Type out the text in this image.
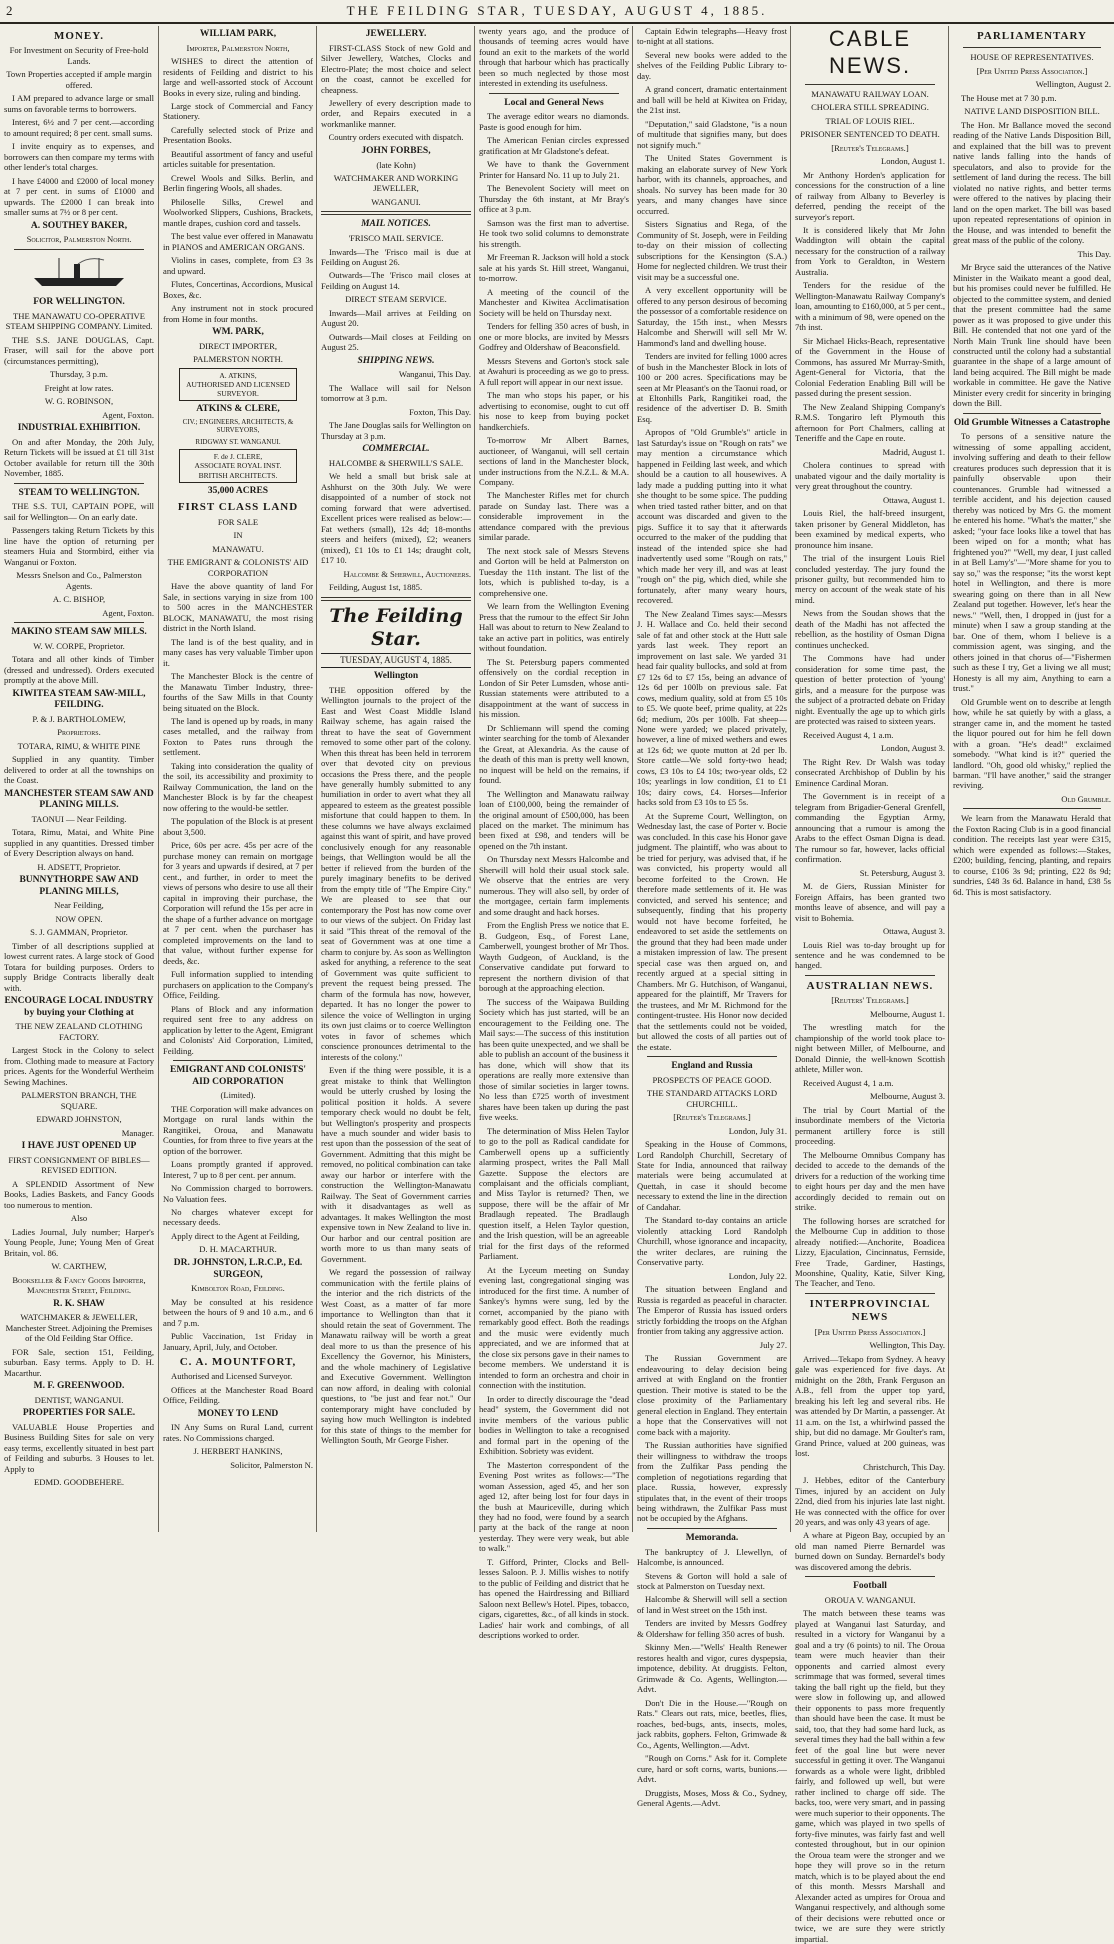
2	THE FEILDING STAR, TUESDAY, AUGUST 4, 1885.
MONEY.

For Investment on Security of Free-hold Lands.

Town Properties accepted if ample margin offered.

I AM prepared to advance large or small sums on favorable terms to borrowers.

Interest, 6½ and 7 per cent.—according to amount required; 8 per cent. small sums.

I invite enquiry as to expenses, and borrowers can then compare my terms with other lender's total charges.

I have £4000 and £2000 of local money at 7 per cent. in sums of £1000 and upwards. The £2000 I can break into smaller sums at 7½ or 8 per cent.

A. SOUTHEY BAKER,

Solicitor, Palmerston North.

FOR WELLINGTON.

THE MANAWATU CO-OPERATIVE STEAM SHIPPING COMPANY. Limited.

THE S.S. JANE DOUGLAS, Capt. Fraser, will sail for the above port (circumstances permitting),

Thursday, 3 p.m.

Freight at low rates.

W. G. ROBINSON,

Agent, Foxton.

INDUSTRIAL EXHIBITION.

On and after Monday, the 20th July, Return Tickets will be issued at £1 till 31st October available for return till the 30th November, 1885.

STEAM TO WELLINGTON.

THE S.S. TUI, CAPTAIN POPE, will sail for Wellington— On an early date.

Passengers taking Return Tickets by this line have the option of returning per steamers Huia and Stormbird, either via Wanganui or Foxton.

Messrs Snelson and Co., Palmerston Agents.

A. C. BISHOP,

Agent, Foxton.

MAKINO STEAM SAW MILLS.

W. W. CORPE, Proprietor.

Totara and all other kinds of Timber (dressed and undressed). Orders executed promptly at the above Mill.

KIWITEA STEAM SAW-MILL, FEILDING.

P. & J. BARTHOLOMEW,

Proprietors.

TOTARA, RIMU, & WHITE PINE

Supplied in any quantity. Timber delivered to order at all the townships on the Coast.

MANCHESTER STEAM SAW AND PLANING MILLS.

TAONUI — Near Feilding.

Totara, Rimu, Matai, and White Pine supplied in any quantities. Dressed timber of Every Description always on hand.

H. ADSETT, Proprietor.

BUNNYTHORPE SAW AND PLANING MILLS,

Near Feilding,

NOW OPEN.

S. J. GAMMAN, Proprietor.

Timber of all descriptions supplied at lowest current rates. A large stock of Good Totara for building purposes. Orders to supply Bridge Contracts liberally dealt with.

ENCOURAGE LOCAL INDUSTRY by buying your Clothing at

THE NEW ZEALAND CLOTHING FACTORY.

Largest Stock in the Colony to select from. Clothing made to measure at Factory prices. Agents for the Wonderful Wertheim Sewing Machines.

PALMERSTON BRANCH, THE SQUARE.

EDWARD JOHNSTON,

Manager.

I HAVE JUST OPENED UP

FIRST CONSIGNMENT OF BIBLES—REVISED EDITION.

A SPLENDID Assortment of New Books, Ladies Baskets, and Fancy Goods too numerous to mention.

Also

Ladies Journal, July number; Harper's Young People, June; Young Men of Great Britain, vol. 86.

W. CARTHEW,

Bookseller & Fancy Goods Importer, Manchester Street, Feilding.

R. K. SHAW

WATCHMAKER & JEWELLER, Manchester Street. Adjoining the Premises of the Old Feilding Star Office.

FOR Sale, section 151, Feilding, suburban. Easy terms. Apply to D. H. Macarthur.

M. F. GREENWOOD.

DENTIST, WANGANUI.

PROPERTIES FOR SALE.

VALUABLE House Properties and Business Building Sites for sale on very easy terms, excellently situated in best part of Feilding and suburbs. 3 Houses to let. Apply to

EDMD. GOODBEHERE.

WILLIAM PARK,

Importer, Palmerston North,

WISHES to direct the attention of residents of Feilding and district to his large and well-assorted stock of Account Books in every size, ruling and binding.

Large stock of Commercial and Fancy Stationery.

Carefully selected stock of Prize and Presentation Books.

Beautiful assortment of fancy and useful articles suitable for presentation.

Crewel Wools and Silks. Berlin, and Berlin fingering Wools, all shades.

Philoselle Silks, Crewel and Woolworked Slippers, Cushions, Brackets, mantle drapes, cushion cord and tassels.

The best value ever offered in Manawatu in PIANOS and AMERICAN ORGANS.

Violins in cases, complete, from £3 3s and upward.

Flutes, Concertinas, Accordions, Musical Boxes, &c.

Any instrument not in stock procured from Home in four months.

WM. PARK,

DIRECT IMPORTER,

PALMERSTON NORTH.

A. ATKINS,
AUTHORISED AND LICENSED SURVEYOR.
ATKINS & CLERE,

CIV.; ENGINEERS, ARCHITECTS, & SURVEYORS,

RIDGWAY ST. WANGANUI.

F. de J. CLERE,
ASSOCIATE ROYAL INST. BRITISH ARCHITECTS.
35,000 ACRES
FIRST CLASS LAND

FOR SALE

IN

MANAWATU.

THE EMIGRANT & COLONISTS' AID CORPORATION

Have the above quantity of land For Sale, in sections varying in size from 100 to 500 acres in the MANCHESTER BLOCK, MANAWATU, the most rising district in the North Island.

The land is of the best quality, and in many cases has very valuable Timber upon it.

The Manchester Block is the centre of the Manawatu Timber Industry, three-fourths of the Saw Mills in that County being situated on the Block.

The land is opened up by roads, in many cases metalled, and the railway from Foxton to Pates runs through the settlement.

Taking into consideration the quality of the soil, its accessibility and proximity to Railway Communication, the land on the Manchester Block is by far the cheapest now offering to the would-be settler.

The population of the Block is at present about 3,500.

Price, 60s per acre. 45s per acre of the purchase money can remain on mortgage for 3 years and upwards if desired, at 7 per cent., and further, in order to meet the views of persons who desire to use all their capital in improving their purchase, the Corporation will refund the 15s per acre in the shape of a further advance on mortgage at 7 per cent. when the purchaser has completed improvements on the land to that value, without further expense for deeds, &c.

Full information supplied to intending purchasers on application to the Company's Office, Feilding.

Plans of Block and any information required sent free to any address on application by letter to the Agent, Emigrant and Colonists' Aid Corporation, Limited, Feilding.

EMIGRANT AND COLONISTS' AID CORPORATION

(Limited).

THE Corporation will make advances on Mortgage on rural lands within the Rangitikei, Oroua, and Manawatu Counties, for from three to five years at the option of the borrower.

Loans promptly granted if approved. Interest, 7 up to 8 per cent. per annum.

No Commission charged to borrowers. No Valuation fees.

No charges whatever except for necessary deeds.

Apply direct to the Agent at Feilding,

D. H. MACARTHUR.

DR. JOHNSTON, L.R.C.P., Ed. SURGEON,

Kimbolton Road, Feilding.

May be consulted at his residence between the hours of 9 and 10 a.m., and 6 and 7 p.m.

Public Vaccination, 1st Friday in January, April, July, and October.

C. A. MOUNTFORT,

Authorised and Licensed Surveyor.

Offices at the Manchester Road Board Office, Feilding.

MONEY TO LEND

IN Any Sums on Rural Land, current rates. No Commissions charged.

J. HERBERT HANKINS,

Solicitor, Palmerston N.

JEWELLERY.

FIRST-CLASS Stock of new Gold and Silver Jewellery, Watches, Clocks and Electro-Plate; the most choice and select on the coast, cannot be excelled for cheapness.

Jewellery of every description made to order, and Repairs executed in a workmanlike manner.

Country orders executed with dispatch.

JOHN FORBES,

(late Kohn)

WATCHMAKER AND WORKING JEWELLER,

WANGANUI.

MAIL NOTICES.

'FRISCO MAIL SERVICE.

Inwards—The 'Frisco mail is due at Feilding on August 26.

Outwards—The 'Frisco mail closes at Feilding on August 14.

DIRECT STEAM SERVICE.

Inwards—Mail arrives at Feilding on August 20.

Outwards—Mail closes at Feilding on August 25.

SHIPPING NEWS.

Wanganui, This Day.

The Wallace will sail for Nelson tomorrow at 3 p.m.

Foxton, This Day.

The Jane Douglas sails for Wellington on Thursday at 3 p.m.

COMMERCIAL.

HALCOMBE & SHERWILL'S SALE.

We held a small but brisk sale at Ashhurst on the 30th July. We were disappointed of a number of stock not coming forward that were advertised. Excellent prices were realised as below:—Fat wethers (small), 12s 4d; 18-months steers and heifers (mixed), £2; weaners (mixed), £1 10s to £1 14s; draught colt, £17 10.

Halcombe & Sherwill, Auctioneers.

Feilding, August 1st, 1885.

The Feilding Star.
TUESDAY, AUGUST 4, 1885.
Wellington

THE opposition offered by the Wellington journals to the project of the East and West Coast Middle Island Railway scheme, has again raised the threat to have the seat of Government removed to some other part of the colony. When this threat has been held in terrorem over that devoted city on previous occasions the Press there, and the people have generally humbly submitted to any humiliation in order to avert what they all appeared to esteem as the greatest possible misfortune that could happen to them. In these columns we have always exclaimed against this want of spirit, and have proved conclusively enough for any reasonable beings, that Wellington would be all the better if relieved from the burden of the purely imaginary benefits to be derived from the empty title of "The Empire City." We are pleased to see that our contemporary the Post has now come over to our views of the subject. On Friday last it said "This threat of the removal of the seat of Government was at one time a charm to conjure by. As soon as Wellington asked for anything, a reference to the seat of Government was quite sufficient to prevent the request being pressed. The charm of the formula has now, however, departed. It has no longer the power to silence the voice of Wellington in urging its own just claims or to coerce Wellington votes in favor of schemes which conscience pronounces detrimental to the interests of the colony."

Even if the thing were possible, it is a great mistake to think that Wellington would be utterly crushed by losing the political position it holds. A severe temporary check would no doubt be felt, but Wellington's prosperity and prospects have a much sounder and wider basis to rest upon than the possession of the seat of Government. Admitting that this might be removed, no political combination can take away our harbor or interfere with the construction the Wellington-Manawatu Railway. The Seat of Government carries with it disadvantages as well as advantages. It makes Wellington the most expensive town in New Zealand to live in. Our harbor and our central position are worth more to us than many seats of Government.

We regard the possession of railway communication with the fertile plains of the interior and the rich districts of the West Coast, as a matter of far more importance to Wellington than that it should retain the seat of Government. The Manawatu railway will be worth a great deal more to us than the presence of his Excellency the Governor, his Ministers, and the whole machinery of Legislative and Executive Government. Wellington can now afford, in dealing with colonial questions, to "be just and fear not." Our contemporary might have concluded by saying how much Wellington is indebted for this state of things to the member for Wellington South, Mr George Fisher.

twenty years ago, and the produce of thousands of teeming acres would have found an exit to the markets of the world through that harbour which has practically been so much neglected by those most interested in extending its usefulness.

Local and General News

The average editor wears no diamonds. Paste is good enough for him.

The American Fenian circles expressed gratification at Mr Gladstone's defeat.

We have to thank the Government Printer for Hansard No. 11 up to July 21.

The Benevolent Society will meet on Thursday the 6th instant, at Mr Bray's office at 3 p.m.

Samson was the first man to advertise. He took two solid columns to demonstrate his strength.

Mr Freeman R. Jackson will hold a stock sale at his yards St. Hill street, Wanganui, to-morrow.

A meeting of the council of the Manchester and Kiwitea Acclimatisation Society will be held on Thursday next.

Tenders for felling 350 acres of bush, in one or more blocks, are invited by Messrs Godfrey and Oldershaw of Beaconsfield.

Messrs Stevens and Gorton's stock sale at Awahuri is proceeding as we go to press. A full report will appear in our next issue.

The man who stops his paper, or his advertising to economise, ought to cut off his nose to keep from buying pocket handkerchiefs.

To-morrow Mr Albert Barnes, auctioneer, of Wanganui, will sell certain sections of land in the Manchester block, under instructions from the N.Z.L. & M.A. Company.

The Manchester Rifles met for church parade on Sunday last. There was a considerable improvement in the attendance compared with the previous similar parade.

The next stock sale of Messrs Stevens and Gorton will be held at Palmerston on Tuesday the 11th instant. The list of the lots, which is published to-day, is a comprehensive one.

We learn from the Wellington Evening Press that the rumour to the effect Sir John Hall was about to return to New Zealand to take an active part in politics, was entirely without foundation.

The St. Petersburg papers commented offensively on the cordial reception in London of Sir Peter Lumsden, whose anti-Russian statements were attributed to a disappointment at the want of success in his mission.

Dr Schliemann will spend the coming winter searching for the tomb of Alexander the Great, at Alexandria. As the cause of the death of this man is pretty well known, no inquest will be held on the remains, if found.

The Wellington and Manawatu railway loan of £100,000, being the remainder of the original amount of £500,000, has been placed on the market. The minimum has been fixed at £98, and tenders will be opened on the 7th instant.

On Thursday next Messrs Halcombe and Sherwill will hold their usual stock sale. We observe that the entries are very numerous. They will also sell, by order of the mortgagee, certain farm implements and some draught and hack horses.

From the English Press we notice that E. B. Gudgeon, Esq., of Forest Lane, Camberwell, youngest brother of Mr Thos. Wayth Gudgeon, of Auckland, is the Conservative candidate put forward to represent the northern division of that borough at the approaching election.

The success of the Waipawa Building Society which has just started, will be an encouragement to the Feilding one. The Mail says:—The success of this institution has been quite unexpected, and we shall be able to publish an account of the business it has done, which will show that its operations are really more extensive than those of similar societies in larger towns. No less than £725 worth of investment shares have been taken up during the past five weeks.

The determination of Miss Helen Taylor to go to the poll as Radical candidate for Camberwell opens up a sufficiently alarming prospect, writes the Pall Mall Gazette. Suppose the electors are complaisant and the officials compliant, and Miss Taylor is returned? Then, we suppose, there will be the affair of Mr Bradlaugh repeated. The Bradlaugh question itself, a Helen Taylor question, and the Irish question, will be an agreeable trial for the first days of the reformed Parliament.

At the Lyceum meeting on Sunday evening last, congregational singing was introduced for the first time. A number of Sankey's hymns were sung, led by the cornet, accompanied by the piano with remarkably good effect. Both the readings and the music were evidently much appreciated, and we are informed that at the close six persons gave in their names to become members. We understand it is intended to form an orchestra and choir in connection with the institution.

In order to directly discourage the "dead head" system, the Government did not invite members of the various public bodies in Wellington to take a recognised and formal part in the opening of the Exhibition. Sobriety was evident.

The Masterton correspondent of the Evening Post writes as follows:—"The woman Assession, aged 45, and her son aged 12, after being lost for four days in the bush at Mauriceville, during which they had no food, were found by a search party at the back of the range at noon yesterday. They were very weak, but able to walk."

T. Gifford, Printer, Clocks and Bell-lesses Saloon. P. J. Millis wishes to notify to the public of Feilding and district that he has opened the Hairdressing and Billiard Saloon next Bellew's Hotel. Pipes, tobacco, cigars, cigarettes, &c., of all kinds in stock. Ladies' hair work and combings, of all descriptions worked to order.

Captain Edwin telegraphs—Heavy frost to-night at all stations.

Several new books were added to the shelves of the Feilding Public Library to-day.

A grand concert, dramatic entertainment and ball will be held at Kiwitea on Friday, the 21st inst.

"Deputation," said Gladstone, "is a noun of multitude that signifies many, but does not signify much."

The United States Government is making an elaborate survey of New York harbor, with its channels, approaches, and shoals. No survey has been made for 30 years, and many changes have since occurred.

Sisters Signatius and Rega, of the Community of St. Joseph, were in Feilding to-day on their mission of collecting subscriptions for the Kensington (S.A.) Home for neglected children. We trust their visit may be a successful one.

A very excellent opportunity will be offered to any person desirous of becoming the possessor of a comfortable residence on Saturday, the 15th inst., when Messrs Halcombe and Sherwill will sell Mr W. Hammond's land and dwelling house.

Tenders are invited for felling 1000 acres of bush in the Manchester Block in lots of 100 or 200 acres. Specifications may be seen at Mr Pleasant's on the Taonui road, or at Eltonhills Park, Rangitikei road, the residence of the advertiser D. B. Smith Esq.

Apropos of "Old Grumble's" article in last Saturday's issue on "Rough on rats" we may mention a circumstance which happened in Feilding last week, and which should be a caution to all housewives. A lady made a pudding putting into it what she thought to be some spice. The pudding when tried tasted rather bitter, and on that account was discarded and given to the pigs. Suffice it to say that it afterwards occurred to the maker of the pudding that instead of the intended spice she had inadvertently used some "Rough on rats," which made her very ill, and was at least "rough on" the pig, which died, while she fortunately, after many weary hours, recovered.

The New Zealand Times says:—Messrs J. H. Wallace and Co. held their second sale of fat and other stock at the Hutt sale yards last week. They report an improvement on last sale. We yarded 31 head fair quality bullocks, and sold at from £7 12s 6d to £7 15s, being an advance of 12s 6d per 100lb on previous sale. Fat cows, medium quality, sold at from £5 10s to £5. We quote beef, prime quality, at 22s 6d; medium, 20s per 100lb. Fat sheep—None were yarded; we placed privately, however, a line of mixed wethers and ewes at 12s 6d; we quote mutton at 2d per lb. Store cattle—We sold forty-two head; cows, £3 10s to £4 10s; two-year olds, £2 10s; yearlings in low condition, £1 to £1 10s; dairy cows, £4. Horses—Inferior hacks sold from £3 10s to £5 5s.

At the Supreme Court, Wellington, on Wednesday last, the case of Porter v. Bocie was concluded. In this case his Honor gave judgment. The plaintiff, who was about to be tried for perjury, was advised that, if he was convicted, his property would all become forfeited to the Crown. He therefore made settlements of it. He was convicted, and served his sentence; and subsequently, finding that his property would not have become forfeited, he endeavored to set aside the settlements on the ground that they had been made under a mistaken impression of law. The present special case was then argued on, and recently argued at a special sitting in Chambers. Mr G. Hutchison, of Wanganui, appeared for the plaintiff, Mr Travers for the trustees, and Mr M. Richmond for the contingent-trustee. His Honor now decided that the settlements could not be voided, but allowed the costs of all parties out of the estate.

England and Russia

PROSPECTS OF PEACE GOOD.

THE STANDARD ATTACKS LORD CHURCHILL.

[Reuter's Telegrams.]

London, July 31.

Speaking in the House of Commons, Lord Randolph Churchill, Secretary of State for India, announced that railway materials were being accumulated at Quettah, in case it should become necessary to extend the line in the direction of Candahar.

The Standard to-day contains an article violently attacking Lord Randolph Churchill, whose ignorance and incapacity, the writer declares, are ruining the Conservative party.

London, July 22.

The situation between England and Russia is regarded as peaceful in character. The Emperor of Russia has issued orders strictly forbidding the troops on the Afghan frontier from taking any aggressive action.

July 27.

The Russian Government are endeavouring to delay decision being arrived at with England on the frontier question. Their motive is stated to be the close proximity of the Parliamentary general election in England. They entertain a hope that the Conservatives will not come back with a majority.

The Russian authorities have signified their willingness to withdraw the troops from the Zulfikar Pass pending the completion of negotiations regarding that place. Russia, however, expressly stipulates that, in the event of their troops being withdrawn, the Zulfikar Pass must not be occupied by the Afghans.

Memoranda.

The bankruptcy of J. Llewellyn, of Halcombe, is announced.

Stevens & Gorton will hold a sale of stock at Palmerston on Tuesday next.

Halcombe & Sherwill will sell a section of land in West street on the 15th inst.

Tenders are invited by Messrs Godfrey & Oldershaw for felling 350 acres of bush.

Skinny Men.—"Wells' Health Renewer restores health and vigor, cures dyspepsia, impotence, debility. At druggists. Felton, Grimwade & Co. Agents, Wellington.—Advt.

Don't Die in the House.—"Rough on Rats." Clears out rats, mice, beetles, flies, roaches, bed-bugs, ants, insects, moles, jack rabbits, gophers. Felton, Grimwade & Co., Agents, Wellington.—Advt.

"Rough on Corns." Ask for it. Complete cure, hard or soft corns, warts, bunions.—Advt.

Druggists, Moses, Moss & Co., Sydney, General Agents.—Advt.

CABLE NEWS.

MANAWATU RAILWAY LOAN.

CHOLERA STILL SPREADING.

TRIAL OF LOUIS RIEL.

PRISONER SENTENCED TO DEATH.

[Reuter's Telegrams.]

London, August 1.

Mr Anthony Horden's application for concessions for the construction of a line of railway from Albany to Beverley is deferred, pending the receipt of the surveyor's report.

It is considered likely that Mr John Waddington will obtain the capital necessary for the construction of a railway from York to Geraldton, in Western Australia.

Tenders for the residue of the Wellington-Manawatu Railway Company's loan, amounting to £160,000, at 5 per cent., with a minimum of 98, were opened on the 7th inst.

Sir Michael Hicks-Beach, representative of the Government in the House of Commons, has assured Mr Murray-Smith, Agent-General for Victoria, that the Colonial Federation Enabling Bill will be passed during the present session.

The New Zealand Shipping Company's R.M.S. Tongariro left Plymouth this afternoon for Port Chalmers, calling at Teneriffe and the Cape en route.

Madrid, August 1.

Cholera continues to spread with unabated vigour and the daily mortality is very great throughout the country.

Ottawa, August 1.

Louis Riel, the half-breed insurgent, taken prisoner by General Middleton, has been examined by medical experts, who pronounce him insane.

The trial of the insurgent Louis Riel concluded yesterday. The jury found the prisoner guilty, but recommended him to mercy on account of the weak state of his mind.

News from the Soudan shows that the death of the Madhi has not affected the rebellion, as the hostility of Osman Digna continues unchecked.

The Commons have had under consideration for some time past, the question of better protection of 'young' girls, and a measure for the purpose was the subject of a protracted debate on Friday night. Eventually the age up to which girls are protected was raised to sixteen years.

Received August 4, 1 a.m.

London, August 3.

The Right Rev. Dr Walsh was today consecrated Archbishop of Dublin by his Eminence Cardinal Moran.

The Government is in receipt of a telegram from Brigadier-General Grenfell, commanding the Egyptian Army, announcing that a rumour is among the Arabs to the effect Osman Digna is dead. The rumour so far, however, lacks official confirmation.

St. Petersburg, August 3.

M. de Giers, Russian Minister for Foreign Affairs, has been granted two months leave of absence, and will pay a visit to Bohemia.

Ottawa, August 3.

Louis Riel was to-day brought up for sentence and he was condemned to be hanged.

AUSTRALIAN NEWS.

[Reuters' Telegrams.]

Melbourne, August 1.

The wrestling match for the championship of the world took place to-night between Miller, of Melbourne, and Donald Dinnie, the well-known Scottish athlete, Miller won.

Received August 4, 1 a.m.

Melbourne, August 3.

The trial by Court Martial of the insubordinate members of the Victoria permanent artillery force is still proceeding.

The Melbourne Omnibus Company has decided to accede to the demands of the drivers for a reduction of the working time to eight hours per day and the men have accordingly decided to remain out on strike.

The following horses are scratched for the Melbourne Cup in addition to those already notified:—Anchorite, Boadicea Lizzy, Ejaculation, Cincinnatus, Fernside, Free Trade, Gardiner, Hastings, Moonshine, Quality, Katie, Silver King, The Teacher, and Teno.

INTERPROVINCIAL NEWS

[Per United Press Association.]

Wellington, This Day.

Arrived—Tekapo from Sydney. A heavy gale was experienced for five days. At midnight on the 28th, Frank Ferguson an A.B., fell from the upper top yard, breaking his left leg and several ribs. He was attended by Dr Martin, a passenger. At 11 a.m. on the 1st, a whirlwind passed the ship, but did no damage. Mr Goulter's ram, Grand Prince, valued at 200 guineas, was lost.

Christchurch, This Day.

J. Hebbes, editor of the Canterbury Times, injured by an accident on July 22nd, died from his injuries late last night. He was connected with the office for over 20 years, and was only 43 years of age.

A whare at Pigeon Bay, occupied by an old man named Pierre Bernardel was burned down on Sunday. Bernardel's body was discovered among the debris.

Football

OROUA V. WANGANUI.

The match between these teams was played at Wanganui last Saturday, and resulted in a victory for Wanganui by a goal and a try (6 points) to nil. The Oroua team were much heavier than their opponents and carried almost every scrimmage that was formed, several times taking the ball right up the field, but they were slow in following up, and allowed their opponents to pass more frequently than should have been the case. It must be said, too, that they had some hard luck, as several times they had the ball within a few feet of the goal line but were never successful in getting it over. The Wanganui forwards as a whole were light, dribbled fairly, and followed up well, but were rather inclined to charge off side. The backs, too, were very smart, and in passing were much superior to their opponents. The game, which was played in two spells of forty-five minutes, was fairly fast and well contested throughout, but in our opinion the Oroua team were the stronger and we hope they will prove so in the return match, which is to be played about the end of this month. Messrs Marshall and Alexander acted as umpires for Oroua and Wanganui respectively, and although some of their decisions were rebutted once or twice, we are sure they were strictly impartial.

PARLIAMENTARY

HOUSE OF REPRESENTATIVES.

[Per United Press Association.]

Wellington, August 2.

The House met at 7 30 p.m.

NATIVE LAND DISPOSITION BILL.

The Hon. Mr Ballance moved the second reading of the Native Lands Disposition Bill, and explained that the bill was to prevent native lands falling into the hands of speculators, and also to provide for the settlement of land during the recess. The bill violated no native rights, and better terms were offered to the natives by placing their land on the open market. The bill was based upon repeated representations of opinion in the House, and was intended to benefit the great mass of the public of the colony.

This Day.

Mr Bryce said the utterances of the Native Minister in the Waikato meant a good deal, but his promises could never be fulfilled. He objected to the committee system, and denied that the present committee had the same power as it was proposed to give under this Bill. He contended that not one yard of the North Main Trunk line should have been constructed until the colony had a substantial guarantee in the shape of a large amount of land being acquired. The Bill might be made workable in committee. He gave the Native Minister every credit for sincerity in bringing down the Bill.

Old Grumble Witnesses a Catastrophe

To persons of a sensitive nature the witnessing of some appalling accident, involving suffering and death to their fellow creatures produces such depression that it is painfully observable upon their countenances. Grumble had witnessed a terrible accident, and his dejection caused thereby was noticed by Mrs G. the moment he entered his home. "What's the matter," she asked; "your face looks like a towel that has been wiped on for a month; what has frightened you?" "Well, my dear, I just called in at Bell Lamy's"—"More shame for you to say so," was the response; "its the worst kept hotel in Wellington, and there is more swearing going on there than in all New Zealand put together. However, let's hear the news." "Well, then, I dropped in (just for a minute) when I saw a group standing at the bar. One of them, whom I believe is a commission agent, was singing, and the others joined in that chorus of—"Fishermen such as these I try, Get a living we all must; Honesty is all my aim, Anything to earn a trust."

Old Grumble went on to describe at length how, while he sat quietly by with a glass, a stranger came in, and the moment he tasted the liquor poured out for him he fell down with a groan. "He's dead!" exclaimed somebody. "What kind is it?" queried the landlord. "Oh, good old whisky," replied the barman. "I'll have another," said the stranger reviving.

Old Grumble.

We learn from the Manawatu Herald that the Foxton Racing Club is in a good financial condition. The receipts last year were £315, which were expended as follows:—Stakes, £200; building, fencing, planting, and repairs to course, £106 3s 9d; printing, £22 8s 9d; sundries, £48 3s 6d. Balance in hand, £38 5s 6d. This is most satisfactory.
